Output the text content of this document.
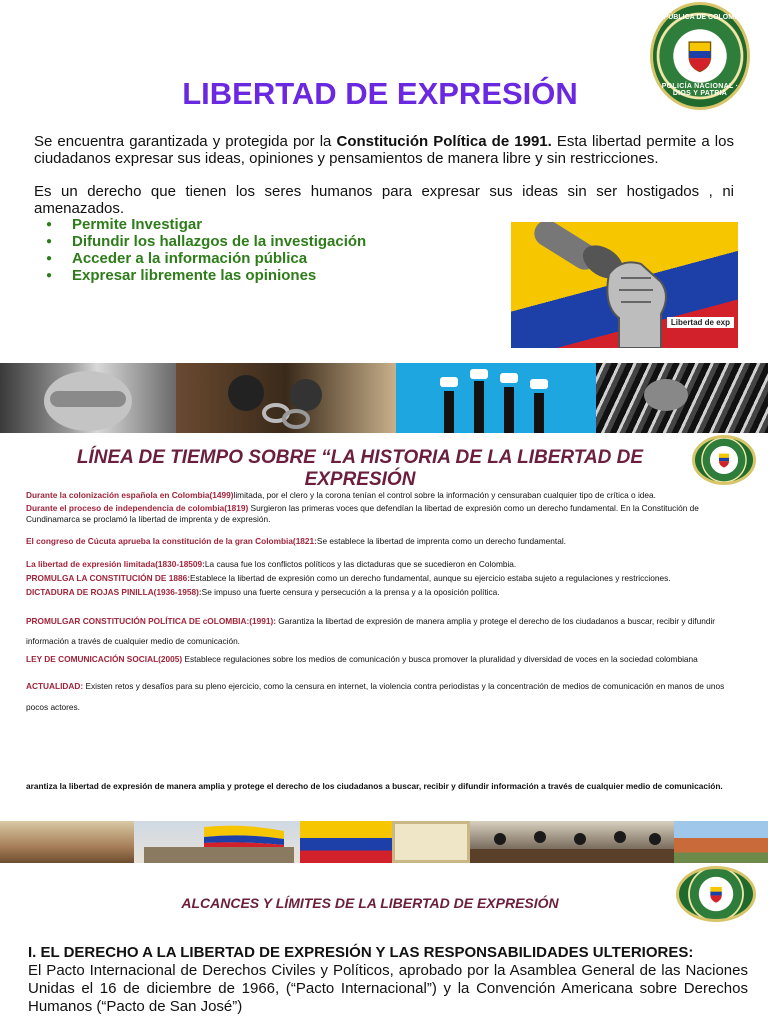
REPÚBLICA DE COLOMBIA
POLICÍA NACIONAL · DIOS Y PATRIA
LIBERTAD DE EXPRESIÓN
Se encuentra garantizada y protegida por la Constitución Política de 1991. Esta libertad permite a los ciudadanos expresar sus ideas, opiniones y pensamientos de manera libre y sin restricciones.
Es un derecho que tienen los seres humanos para expresar sus ideas sin ser hostigados , ni amenazados.
● Permite Investigar
● Difundir los hallazgos de la investigación
● Acceder a la información pública
● Expresar libremente las opiniones
Libertad de exp
LÍNEA DE TIEMPO SOBRE “LA HISTORIA DE LA LIBERTAD DE EXPRESIÓN
Durante la colonización española en Colombia(1499)limitada, por el clero y la corona tenían el control sobre la información y censuraban cualquier tipo de crítica o idea.
Durante el proceso de independencia de colombia(1819) Surgieron las primeras voces que defendían la libertad de expresión como un derecho fundamental. En la Constitución de Cundinamarca se proclamó la libertad de imprenta y de expresión.
El congreso de Cúcuta aprueba la constitución de la gran Colombia(1821:Se establece la libertad de imprenta como un derecho fundamental.
La libertad de expresión limitada(1830-18509:La causa fue los conflictos políticos y las dictaduras que se sucedieron en Colombia.
PROMULGA LA CONSTITUCIÓN DE 1886:Establece la libertad de expresión como un derecho fundamental, aunque su ejercicio estaba sujeto a regulaciones y restricciones.
DICTADURA DE ROJAS PINILLA(1936-1958):Se impuso una fuerte censura y persecución a la prensa y a la oposición política.
PROMULGAR CONSTITUCIÓN POLÍTICA DE cOLOMBIA:(1991): Garantiza la libertad de expresión de manera amplia y protege el derecho de los ciudadanos a buscar, recibir y difundir información a través de cualquier medio de comunicación.
LEY DE COMUNICACIÓN SOCIAL(2005) Establece regulaciones sobre los medios de comunicación y busca promover la pluralidad y diversidad de voces en la sociedad colombiana
ACTUALIDAD: Existen retos y desafíos para su pleno ejercicio, como la censura en internet, la violencia contra periodistas y la concentración de medios de comunicación en manos de unos pocos actores.
arantiza la libertad de expresión de manera amplia y protege el derecho de los ciudadanos a buscar, recibir y difundir información a través de cualquier medio de comunicación.
ALCANCES Y LÍMITES DE LA LIBERTAD DE EXPRESIÓN
I. EL DERECHO A LA LIBERTAD DE EXPRESIÓN Y LAS RESPONSABILIDADES ULTERIORES:
El Pacto Internacional de Derechos Civiles y Políticos, aprobado por la Asamblea General de las Naciones Unidas el 16 de diciembre de 1966, (“Pacto Internacional”) y la Convención Americana sobre Derechos Humanos (“Pacto de San José”)
